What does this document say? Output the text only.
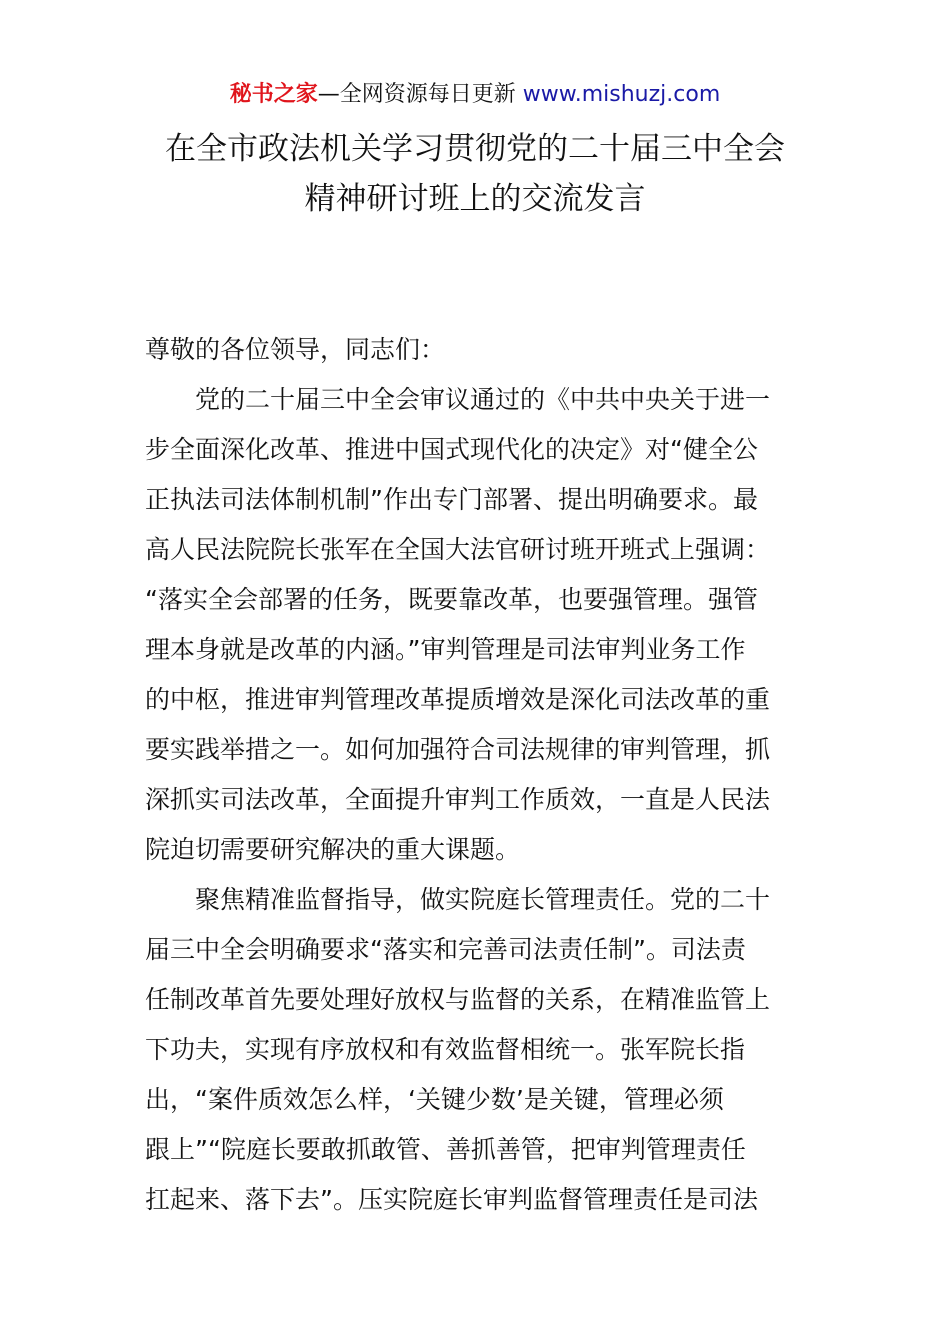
秘书之家—全网资源每日更新 www.mishuzj.com
在全市政法机关学习贯彻党的二十届三中全会
精神研讨班上的交流发言

尊敬的各位领导，同志们：

党的二十届三中全会审议通过的《中共中央关于进一
步全面深化改革、推进中国式现代化的决定》对“健全公
正执法司法体制机制”作出专门部署、提出明确要求。最
高人民法院院长张军在全国大法官研讨班开班式上强调：
“落实全会部署的任务，既要靠改革，也要强管理。强管
理本身就是改革的内涵。”审判管理是司法审判业务工作
的中枢，推进审判管理改革提质增效是深化司法改革的重
要实践举措之一。如何加强符合司法规律的审判管理，抓
深抓实司法改革，全面提升审判工作质效，一直是人民法
院迫切需要研究解决的重大课题。
聚焦精准监督指导，做实院庭长管理责任。党的二十
届三中全会明确要求“落实和完善司法责任制”。司法责
任制改革首先要处理好放权与监督的关系，在精准监管上
下功夫，实现有序放权和有效监督相统一。张军院长指
出，“案件质效怎么样，‘关键少数’是关键，管理必须
跟上”“院庭长要敢抓敢管、善抓善管，把审判管理责任
扛起来、落下去”。压实院庭长审判监督管理责任是司法
